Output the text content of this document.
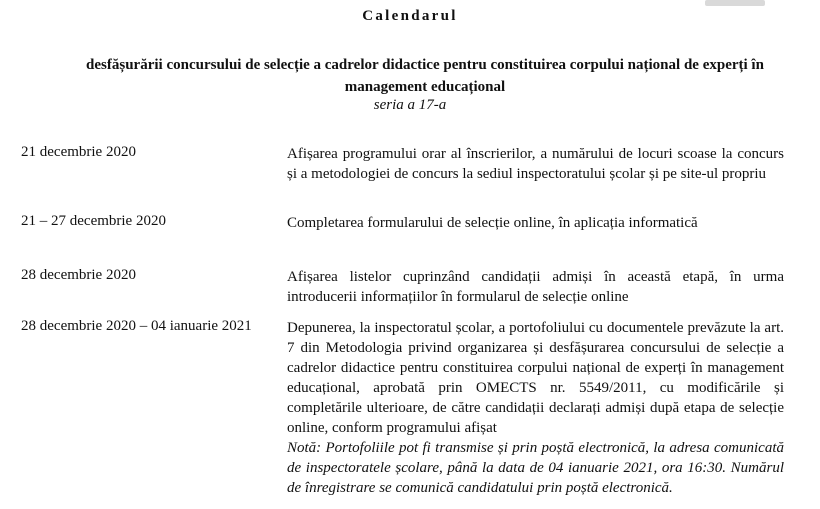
Calendarul
desfășurării concursului de selecție a cadrelor didactice pentru constituirea corpului național de experți în management educațional
seria a 17-a
21 decembrie 2020	Afișarea programului orar al înscrierilor, a numărului de locuri scoase la concurs și a metodologiei de concurs la sediul inspectoratului școlar și pe site-ul propriu
21 – 27 decembrie 2020	Completarea formularului de selecție online, în aplicația informatică
28 decembrie 2020	Afișarea listelor cuprinzând candidații admiși în această etapă, în urma introducerii informațiilor în formularul de selecție online
28 decembrie 2020 – 04 ianuarie 2021 Depunerea, la inspectoratul școlar, a portofoliului cu documentele prevăzute la art. 7 din Metodologia privind organizarea și desfășurarea concursului de selecție a cadrelor didactice pentru constituirea corpului național de experți în management educațional, aprobată prin OMECTS nr. 5549/2011, cu modificările și completările ulterioare, de către candidații declarați admiși după etapa de selecție online, conform programului afișat
Notă: Portofoliile pot fi transmise și prin poștă electronică, la adresa comunicată de inspectoratele școlare, până la data de 04 ianuarie 2021, ora 16:30. Numărul de înregistrare se comunică candidatului prin poștă electronică.
